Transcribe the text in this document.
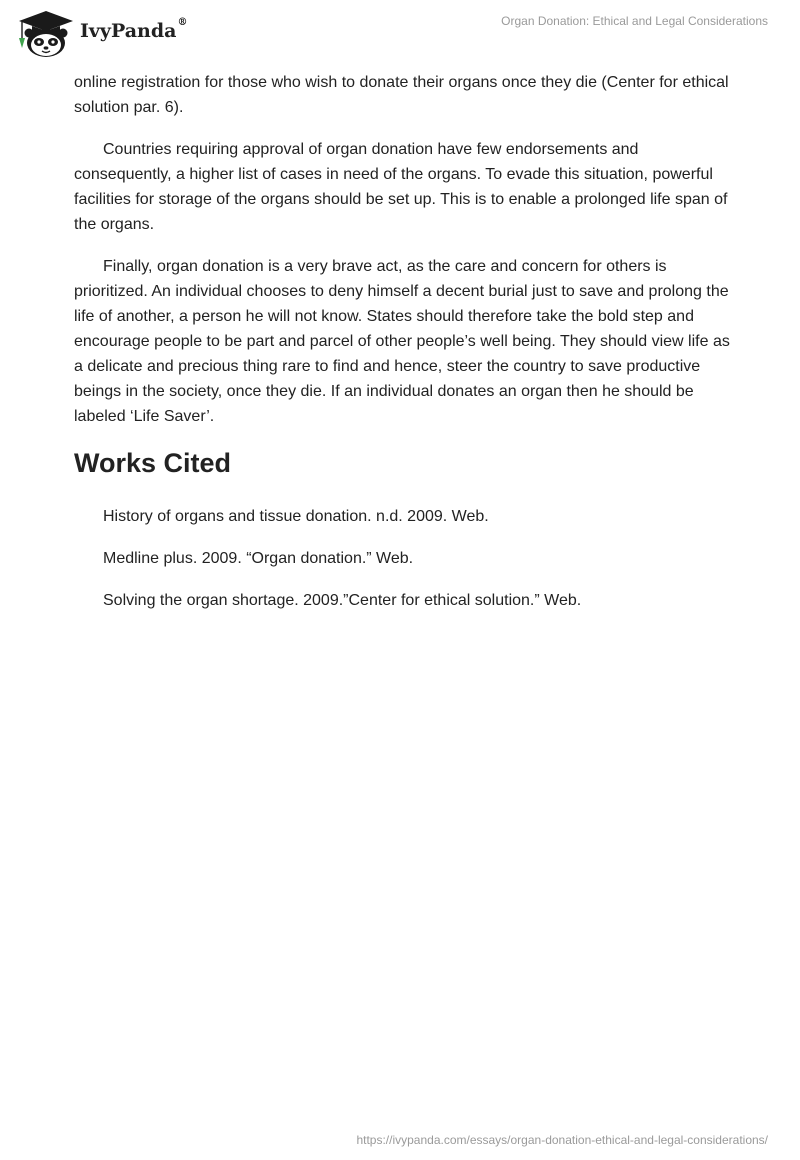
IvyPanda®	Organ Donation: Ethical and Legal Considerations

online registration for those who wish to donate their organs once they die (Center for ethical solution par. 6).

Countries requiring approval of organ donation have few endorsements and consequently, a higher list of cases in need of the organs. To evade this situation, powerful facilities for storage of the organs should be set up. This is to enable a prolonged life span of the organs.

Finally, organ donation is a very brave act, as the care and concern for others is prioritized. An individual chooses to deny himself a decent burial just to save and prolong the life of another, a person he will not know. States should therefore take the bold step and encourage people to be part and parcel of other people’s well being. They should view life as a delicate and precious thing rare to find and hence, steer the country to save productive beings in the society, once they die. If an individual donates an organ then he should be labeled ‘Life Saver’.

Works Cited

History of organs and tissue donation. n.d. 2009. Web.

Medline plus. 2009. “Organ donation.” Web.

Solving the organ shortage. 2009.”Center for ethical solution.” Web.

https://ivypanda.com/essays/organ-donation-ethical-and-legal-considerations/
